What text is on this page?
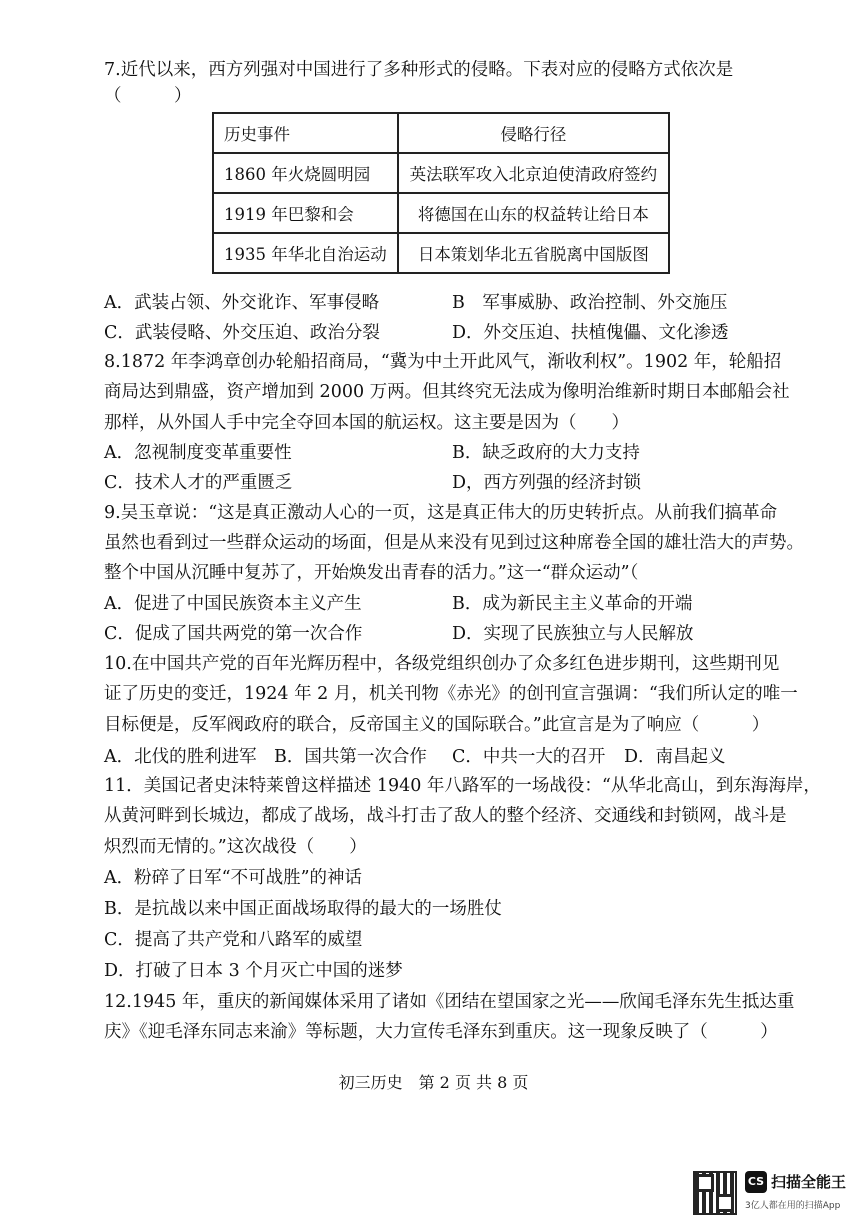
7.近代以来，西方列强对中国进行了多种形式的侵略。下表对应的侵略方式依次是
（　　　）
历史事件	侵略行径
1860 年火烧圆明园	英法联军攻入北京迫使清政府签约
1919 年巴黎和会	将德国在山东的权益转让给日本
1935 年华北自治运动	日本策划华北五省脱离中国版图
A．武装占领、外交讹诈、军事侵略	B　军事威胁、政治控制、外交施压
C．武装侵略、外交压迫、政治分裂	D．外交压迫、扶植傀儡、文化渗透
8.1872 年李鸿章创办轮船招商局，“冀为中土开此风气，渐收利权”。1902 年，轮船招
商局达到鼎盛，资产增加到 2000 万两。但其终究无法成为像明治维新时期日本邮船会社
那样，从外国人手中完全夺回本国的航运权。这主要是因为（　　）
A．忽视制度变革重要性	B．缺乏政府的大力支持
C．技术人才的严重匮乏	D，西方列强的经济封锁
9.吴玉章说：“这是真正激动人心的一页，这是真正伟大的历史转折点。从前我们搞革命
虽然也看到过一些群众运动的场面，但是从来没有见到过这种席卷全国的雄壮浩大的声势。
整个中国从沉睡中复苏了，开始焕发出青春的活力。”这一“群众运动”（
A．促进了中国民族资本主义产生	B．成为新民主主义革命的开端
C．促成了国共两党的第一次合作	D．实现了民族独立与人民解放
10.在中国共产党的百年光辉历程中，各级党组织创办了众多红色进步期刊，这些期刊见
证了历史的变迁，1924 年 2 月，机关刊物《赤光》的创刊宣言强调：“我们所认定的唯一
目标便是，反军阀政府的联合，反帝国主义的国际联合。”此宣言是为了响应（　　　）
A．北伐的胜利进军 B．国共第一次合作 C．中共一大的召开 D．南昌起义
11．美国记者史沫特莱曾这样描述 1940 年八路军的一场战役：“从华北高山，到东海海岸，
从黄河畔到长城边，都成了战场，战斗打击了敌人的整个经济、交通线和封锁网，战斗是
炽烈而无情的。”这次战役（　　）
A．粉碎了日军“不可战胜”的神话
B．是抗战以来中国正面战场取得的最大的一场胜仗
C．提高了共产党和八路军的威望
D．打破了日本 3 个月灭亡中国的迷梦
12.1945 年，重庆的新闻媒体采用了诸如《团结在望国家之光——欣闻毛泽东先生抵达重
庆》《迎毛泽东同志来渝》等标题，大力宣传毛泽东到重庆。这一现象反映了（　　　）
初三历史　第 2 页 共 8 页
CS 扫描全能王
3亿人都在用的扫描App
